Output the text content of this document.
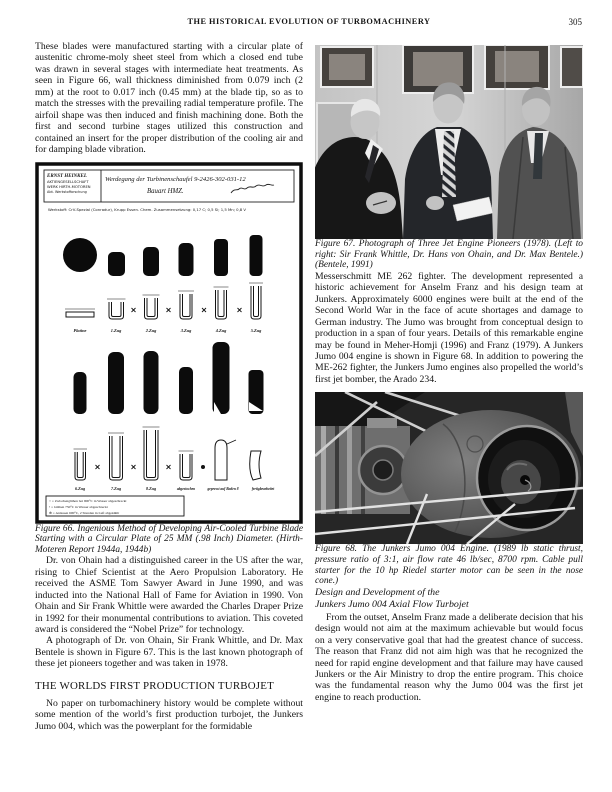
THE HISTORICAL EVOLUTION OF TURBOMACHINERY	305

These blades were manufactured starting with a circular plate of austenitic chrome-moly sheet steel from which a closed end tube was drawn in several stages with intermediate heat treatments. As seen in Figure 66, wall thickness diminished from 0.079 inch (2 mm) at the root to 0.017 inch (0.45 mm) at the blade tip, so as to match the stresses with the prevailing radial temperature profile. The airfoil shape was then induced and finish machining done. Both the first and second turbine stages utilized this construction and contained an insert for the proper distribution of the cooling air and for damping blade vibration.

ERNST HEINKEL
AKTIENGESELLSCHAFT
WERK HIRTH-MOTOREN
Abt. Werkstofforschung
Werdegang der Turbinenschaufel 9-2426-302-031-12
Bauart HMZ.
Werkstoff: CrV-Spezial (Conradur), Krupp Essen. Chem. Zusammensetzung: 0,17 C; 0,5 Si; 1,5 Mn; 0,8 V
Platine	1.Zug	2.Zug	3.Zug	4.Zug	5.Zug
6.Zug	7.Zug	8.Zug	abgestochen	gepresst auf Boden 8	fertigbearbeitet
× = Zwischenglühen bei 900°C in Wasser abgeschreckt
• = Glühen 750°C in Wasser abgeschreckt
⊕ = Anlassen 600°C, 2 Stunden in Luft abgekühlt

Figure 66. Ingenious Method of Developing Air-Cooled Turbine Blade Starting with a Circular Plate of 25 MM (.98 Inch) Diameter. (Hirth-Moteren Report 1944a, 1944b)

Dr. von Ohain had a distinguished career in the US after the war, rising to Chief Scientist at the Aero Propulsion Laboratory. He received the ASME Tom Sawyer Award in June 1990, and was inducted into the National Hall of Fame for Aviation in 1990. Von Ohain and Sir Frank Whittle were awarded the Charles Draper Prize in 1992 for their monumental contributions to aviation. This coveted award is considered the “Nobel Prize” for technology.

A photograph of Dr. von Ohain, Sir Frank Whittle, and Dr. Max Bentele is shown in Figure 67. This is the last known photograph of these jet pioneers together and was taken in 1978.

THE WORLDS FIRST PRODUCTION TURBOJET

No paper on turbomachinery history would be complete without some mention of the world’s first production turbojet, the Junkers Jumo 004, which was the powerplant for the formidable

Figure 67. Photograph of Three Jet Engine Pioneers (1978). (Left to right: Sir Frank Whittle, Dr. Hans von Ohain, and Dr. Max Bentele.) (Bentele, 1991)

Messerschmitt ME 262 fighter. The development represented a historic achievement for Anselm Franz and his design team at Junkers. Approximately 6000 engines were built at the end of the Second World War in the face of acute shortages and damage to German industry. The Jumo was brought from conceptual design to production in a span of four years. Details of this remarkable engine may be found in Meher-Homji (1996) and Franz (1979). A Junkers Jumo 004 engine is shown in Figure 68. In addition to powering the ME-262 fighter, the Junkers Jumo engines also propelled the world’s first jet bomber, the Arado 234.

Figure 68. The Junkers Jumo 004 Engine. (1989 lb static thrust, pressure ratio of 3:1, air flow rate 46 lb/sec, 8700 rpm. Cable pull starter for the 10 hp Riedel starter motor can be seen in the nose cone.)

Design and Development of the

Junkers Jumo 004 Axial Flow Turbojet

From the outset, Anselm Franz made a deliberate decision that his design would not aim at the maximum achievable but would focus on a very conservative goal that had the greatest chance of success. The reason that Franz did not aim high was that he recognized the need for rapid engine development and that failure may have caused Junkers or the Air Ministry to drop the entire program. This choice was the fundamental reason why the Jumo 004 was the first jet engine to reach production.
